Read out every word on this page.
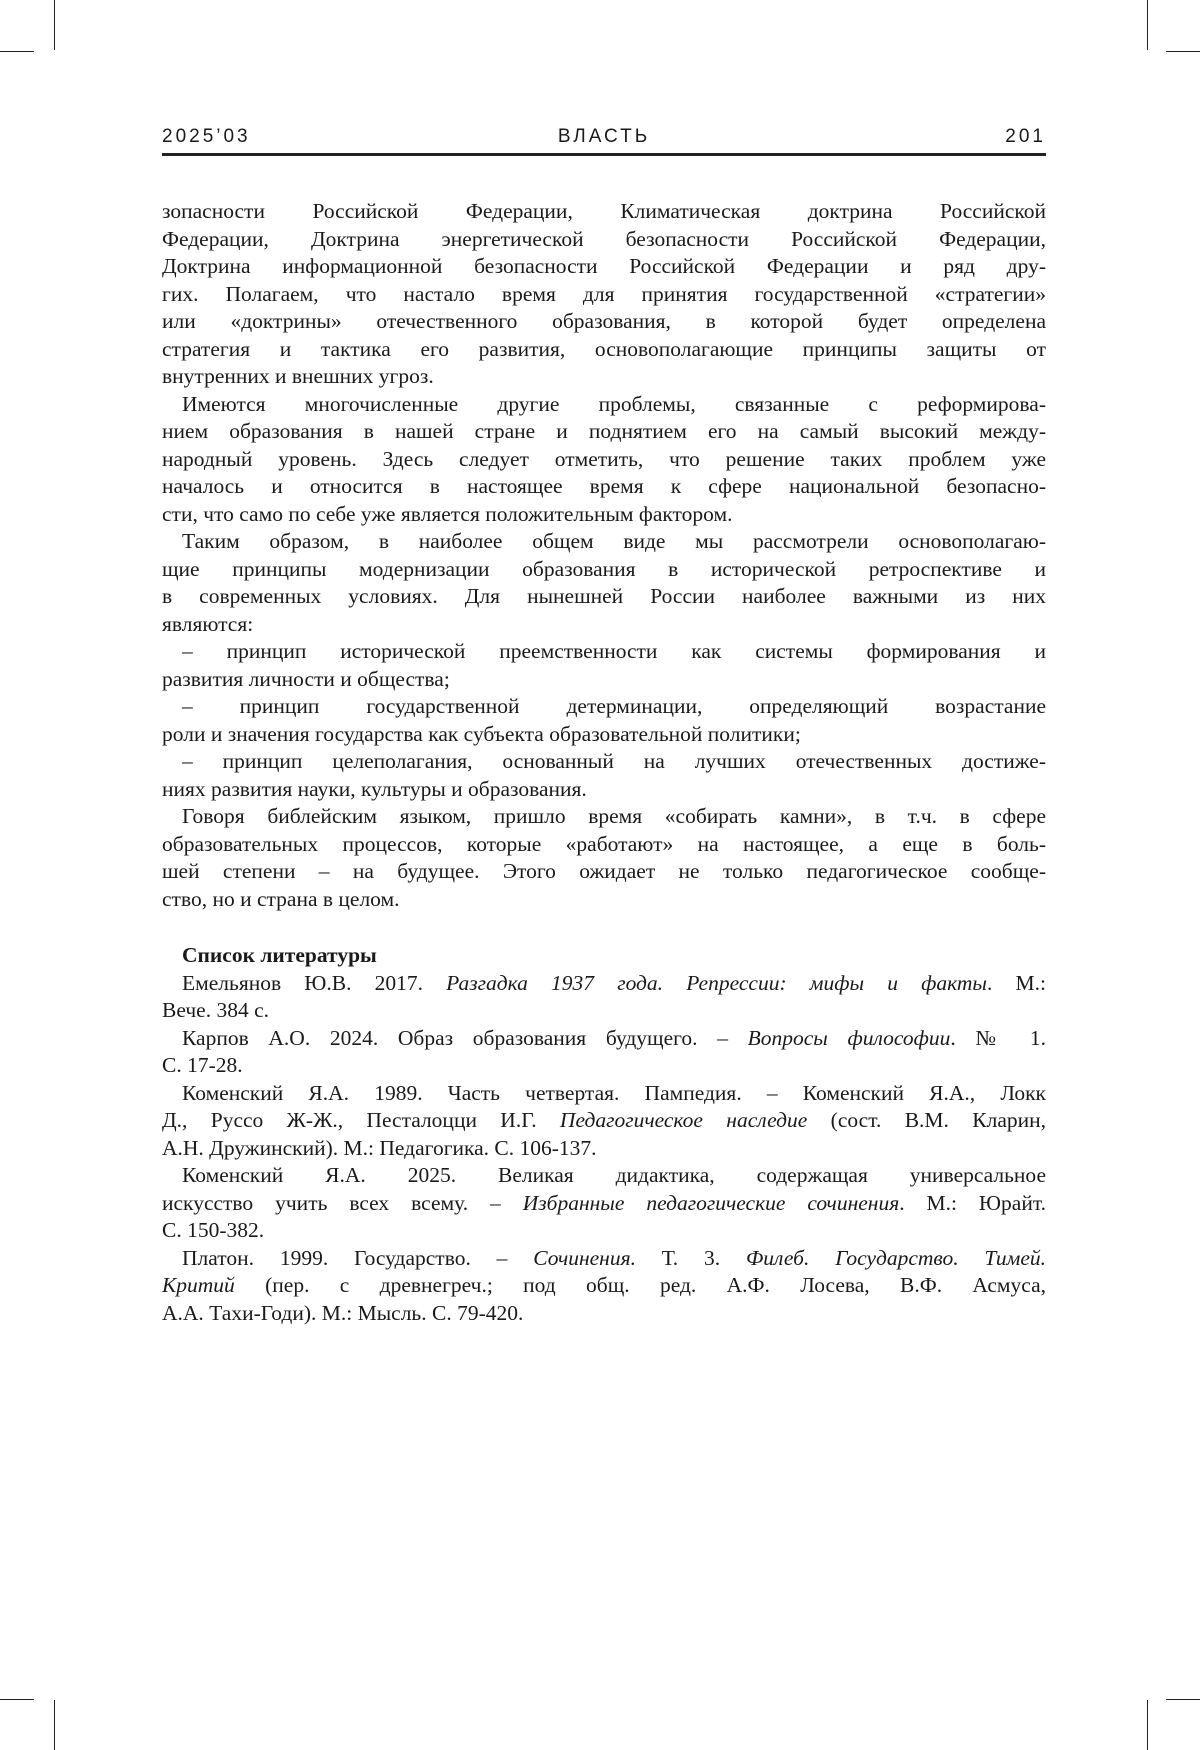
2025’03	ВЛАСТЬ	201
зопасности Российской Федерации, Климатическая доктрина Российской
Федерации, Доктрина энергетической безопасности Российской Федерации,
Доктрина информационной безопасности Российской Федерации и ряд дру-
гих. Полагаем, что настало время для принятия государственной «стратегии»
или «доктрины» отечественного образования, в которой будет определена
стратегия и тактика его развития, основополагающие принципы защиты от
внутренних и внешних угроз.
Имеются многочисленные другие проблемы, связанные с реформирова-
нием образования в нашей стране и поднятием его на самый высокий между-
народный уровень. Здесь следует отметить, что решение таких проблем уже
началось и относится в настоящее время к сфере национальной безопасно-
сти, что само по себе уже является положительным фактором.
Таким образом, в наиболее общем виде мы рассмотрели основополагаю-
щие принципы модернизации образования в исторической ретроспективе и
в современных условиях. Для нынешней России наиболее важными из них
являются:
– принцип исторической преемственности как системы формирования и
развития личности и общества;
– принцип государственной детерминации, определяющий возрастание
роли и значения государства как субъекта образовательной политики;
– принцип целеполагания, основанный на лучших отечественных достиже-
ниях развития науки, культуры и образования.
Говоря библейским языком, пришло время «собирать камни», в т.ч. в сфере
образовательных процессов, которые «работают» на настоящее, а еще в боль-
шей степени – на будущее. Этого ожидает не только педагогическое сообще-
ство, но и страна в целом.
Список литературы
Емельянов Ю.В. 2017. Разгадка 1937 года. Репрессии: мифы и факты. М.:
Вече. 384 с.
Карпов А.О. 2024. Образ образования будущего. – Вопросы философии. № 1.
С. 17-28.
Коменский Я.А. 1989. Часть четвертая. Пампедия. – Коменский Я.А., Локк
Д., Руссо Ж-Ж., Песталоцци И.Г. Педагогическое наследие (сост. В.М. Кларин,
А.Н. Дружинский). М.: Педагогика. С. 106-137.
Коменский Я.А. 2025. Великая дидактика, содержащая универсальное
искусство учить всех всему. – Избранные педагогические сочинения. М.: Юрайт.
С. 150-382.
Платон. 1999. Государство. – Сочинения. Т. 3. Филеб. Государство. Тимей.
Критий (пер. с древнегреч.; под общ. ред. А.Ф. Лосева, В.Ф. Асмуса,
А.А. Тахи-Годи). М.: Мысль. С. 79-420.
